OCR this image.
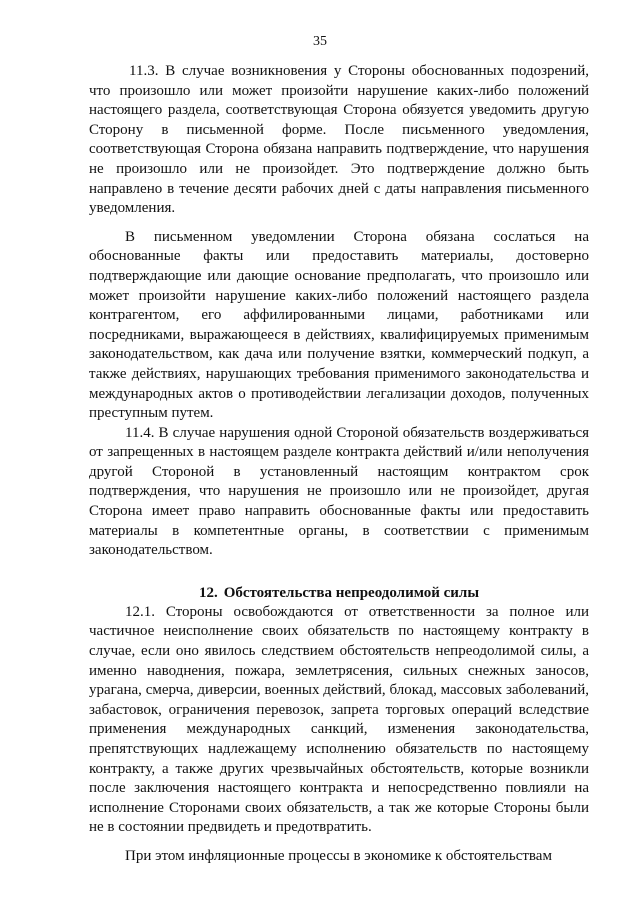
35

11.3. В случае возникновения у Стороны обоснованных подозрений, что произошло или может произойти нарушение каких-либо положений настоящего раздела, соответствующая Сторона обязуется уведомить другую Сторону в письменной форме. После письменного уведомления, соответствующая Сторона обязана направить подтверждение, что нарушения не произошло или не произойдет. Это подтверждение должно быть направлено в течение десяти рабочих дней с даты направления письменного уведомления.

В письменном уведомлении Сторона обязана сослаться на обоснованные факты или предоставить материалы, достоверно подтверждающие или дающие основание предполагать, что произошло или может произойти нарушение каких-либо положений настоящего раздела контрагентом, его аффилированными лицами, работниками или посредниками, выражающееся в действиях, квалифицируемых применимым законодательством, как дача или получение взятки, коммерческий подкуп, а также действиях, нарушающих требования применимого законодательства и международных актов о противодействии легализации доходов, полученных преступным путем.

11.4. В случае нарушения одной Стороной обязательств воздерживаться от запрещенных в настоящем разделе контракта действий и/или неполучения другой Стороной в установленный настоящим контрактом срок подтверждения, что нарушения не произошло или не произойдет, другая Сторона имеет право направить обоснованные факты или предоставить материалы в компетентные органы, в соответствии с применимым законодательством.

12. Обстоятельства непреодолимой силы

12.1. Стороны освобождаются от ответственности за полное или частичное неисполнение своих обязательств по настоящему контракту в случае, если оно явилось следствием обстоятельств непреодолимой силы, а именно наводнения, пожара, землетрясения, сильных снежных заносов, урагана, смерча, диверсии, военных действий, блокад, массовых заболеваний, забастовок, ограничения перевозок, запрета торговых операций вследствие применения международных санкций, изменения законодательства, препятствующих надлежащему исполнению обязательств по настоящему контракту, а также других чрезвычайных обстоятельств, которые возникли после заключения настоящего контракта и непосредственно повлияли на исполнение Сторонами своих обязательств, а так же которые Стороны были не в состоянии предвидеть и предотвратить.

При этом инфляционные процессы в экономике к обстоятельствам
